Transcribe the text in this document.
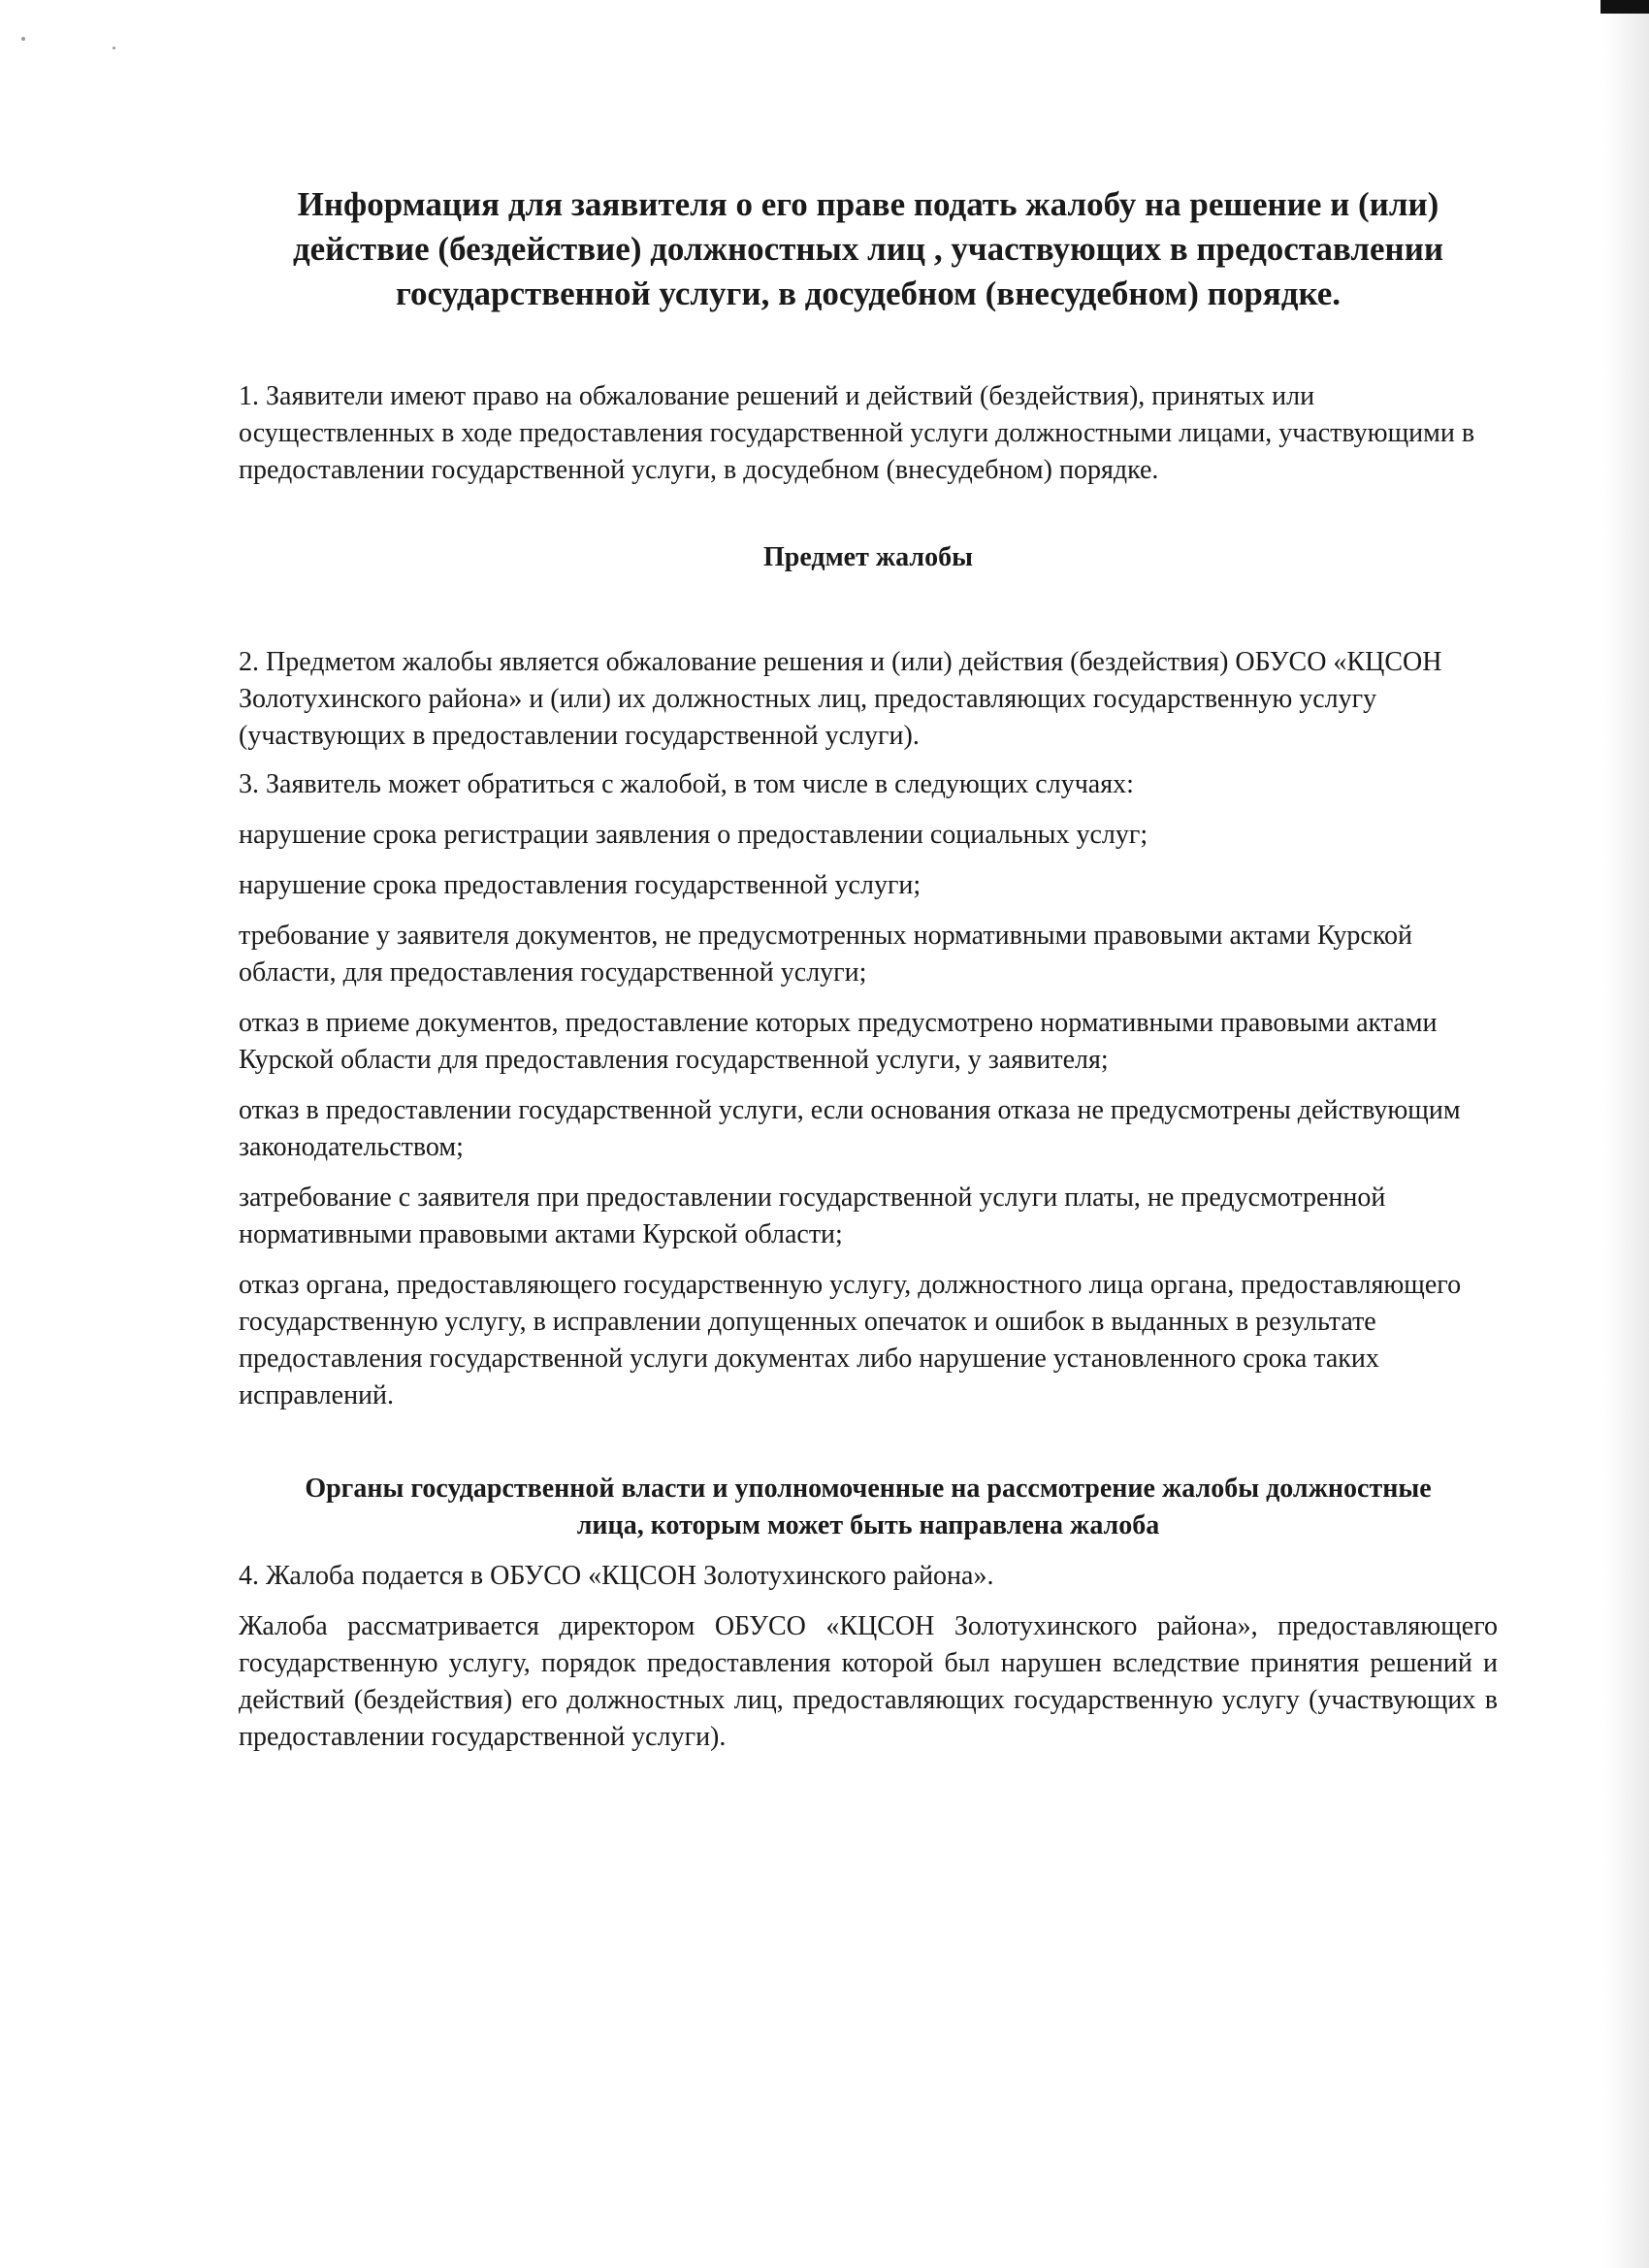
Информация для заявителя о его праве подать жалобу на решение и (или) действие (бездействие) должностных лиц , участвующих в предоставлении государственной услуги, в досудебном (внесудебном) порядке.

1. Заявители имеют право на обжалование решений и действий (бездействия), принятых или осуществленных в ходе предоставления государственной услуги должностными лицами, участвующими в предоставлении государственной услуги, в досудебном (внесудебном) порядке.

Предмет жалобы

2. Предметом жалобы является обжалование решения и (или) действия (бездействия) ОБУСО «КЦСОН Золотухинского района» и (или) их должностных лиц, предоставляющих государственную услугу (участвующих в предоставлении государственной услуги).

3. Заявитель может обратиться с жалобой, в том числе в следующих случаях:

нарушение срока регистрации заявления о предоставлении социальных услуг;

нарушение срока предоставления государственной услуги;

требование у заявителя документов, не предусмотренных нормативными правовыми актами Курской области, для предоставления государственной услуги;

отказ в приеме документов, предоставление которых предусмотрено нормативными правовыми актами Курской области для предоставления государственной услуги, у заявителя;

отказ в предоставлении государственной услуги, если основания отказа не предусмотрены действующим законодательством;

затребование с заявителя при предоставлении государственной услуги платы, не предусмотренной нормативными правовыми актами Курской области;

отказ органа, предоставляющего государственную услугу, должностного лица органа, предоставляющего государственную услугу, в исправлении допущенных опечаток и ошибок в выданных в результате предоставления государственной услуги документах либо нарушение установленного срока таких исправлений.

Органы государственной власти и уполномоченные на рассмотрение жалобы должностные лица, которым может быть направлена жалоба

4. Жалоба подается в ОБУСО «КЦСОН Золотухинского района».

Жалоба рассматривается директором ОБУСО «КЦСОН Золотухинского района», предоставляющего государственную услугу, порядок предоставления которой был нарушен вследствие принятия решений и действий (бездействия) его должностных лиц, предоставляющих государственную услугу (участвующих в предоставлении государственной услуги).
